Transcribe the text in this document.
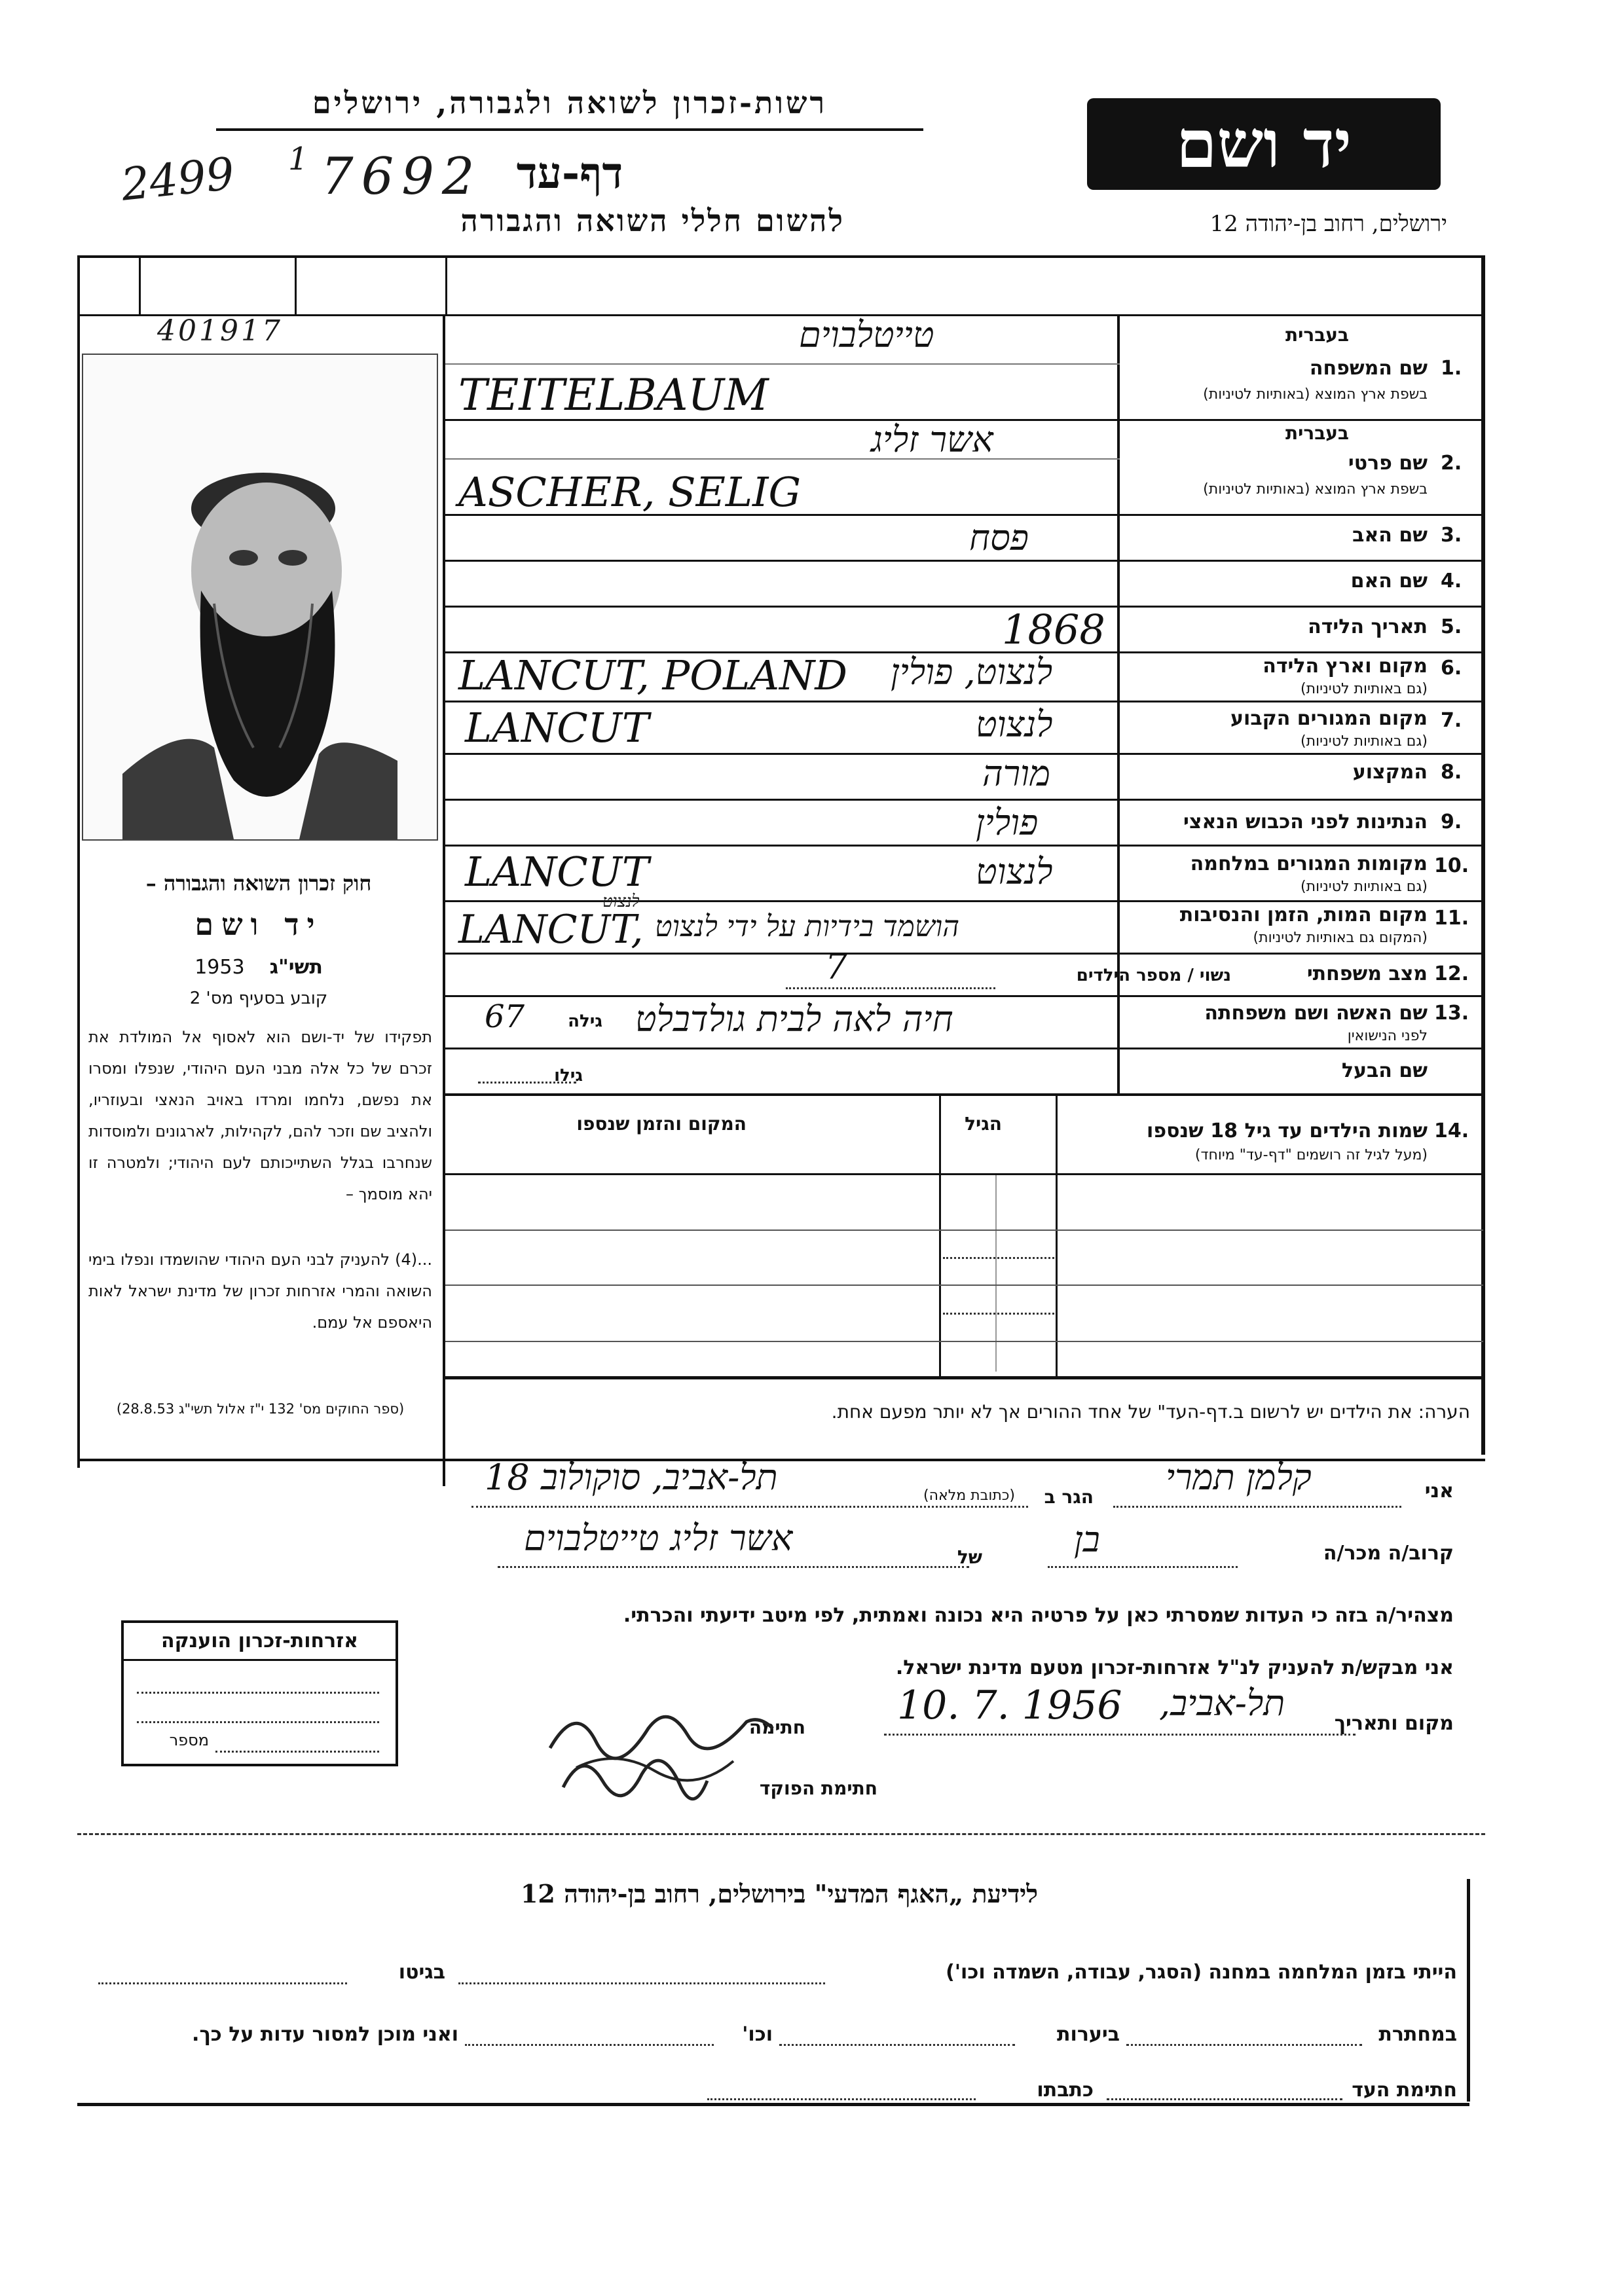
רשות-זכרון לשואה ולגבורה, ירושלים
יד ושם
2499 1 7692 דף-עד
להשום חללי השואה והגבורה	ירושלים, רחוב בן-יהודה 12
401917
חוק זכרון השואה והגבורה –
יד ושם
1953 תשי"ג
קובע בסעיף מס' 2
תפקידו של יד-ושם הוא לאסוף אל המולדת את זכרם של כל אלה מבני העם היהודי, שנפלו ומסרו את נפשם, נלחמו ומרדו באויב הנאצי ובעוזריו, ולהציב שם וזכר להם, לקהילות, לארגונים ולמוסדות שנחרבו בגלל השתייכותם לעם היהודי; ולמטרה זו יהא מוסמך –
...(4) להעניק לבני העם היהודי שהושמדו ונפלו בימי השואה והמרי אזרחות זכרון של מדינת ישראל לאות היאספם אל עמם.
(ספר החוקים מס' 132 י"ז אלול תשי"ג 28.8.53)
בעברית
1.
שם המשפחה
בשפת ארץ המוצא (באותיות לטיניות)
טייטלבוים
TEITELBAUM
בעברית
2.
שם פרטי
בשפת ארץ המוצא (באותיות לטיניות)
אשר זליג
ASCHER, SELIG
3.
שם האב
פסח
4.
שם האם
5.
תאריך הלידה
1868
6.
מקום וארץ הלידה
(גם באותיות לטיניות)
LANCUT, POLAND לנצוט, פולין
7.
מקום המגורים הקבוע
(גם באותיות לטיניות)
LANCUT	לנצוט
8.
המקצוע
מורה
9.
הנתינות לפני הכבוש הנאצי
פולין
10.
מקומות המגורים במלחמה
(גם באותיות לטיניות)
LANCUT	לנצוט
11.
מקום המות, הזמן והנסיבות
(המקום גם באותיות לטיניות)
LANCUT, הושמד בידיות על ידי לנצוט
לנצוט
12.
מצב משפחתי
נשוי / מספר הילדים
7
13.
שם האשה ושם משפחתה
לפני הנישואין
גילה
67	חיה לאה לבית גולדבלט
שם הבעל
גילו
14.
שמות הילדים עד גיל 18 שנספו
(מעל לגיל זה רושמים "דף-עד" מיוחד)
הגיל
המקום והזמן שנספו
הערה: את הילדים יש לרשום ב.דף-העד" של אחד ההורים אך לא יותר מפעם אחת.
אני
קלמן תמרי
הגר ב
(כתובת מלאה)
תל-אביב, סוקולוב 18
קרוב/ה מכר/ה
בן
של
אשר זליג טייטלבוים
מצהיר/ה בזה כי העדות שמסרתי כאן על פרטיה היא נכונה ואמתית, לפי מיטב ידיעתי והכרתי.
אני מבקש/ת להעניק לנ"ל אזרחות-זכרון מטעם מדינת ישראל.
מקום ותאריך
תל-אביב,
10. 7. 1956
חתימה
חתימת הפוקד
אזרחות-זכרון הוענקה
מספר
לידיעת „האגף המדעי" בירושלים, רחוב בן-יהודה 12
הייתי בזמן המלחמה במחנה (הסגר, עבודה, השמדה וכו')
בגיטו
במחתרת
ביערות
וכו'
ואני מוכן למסור עדות על כך.
חתימת העד
כתבתו
